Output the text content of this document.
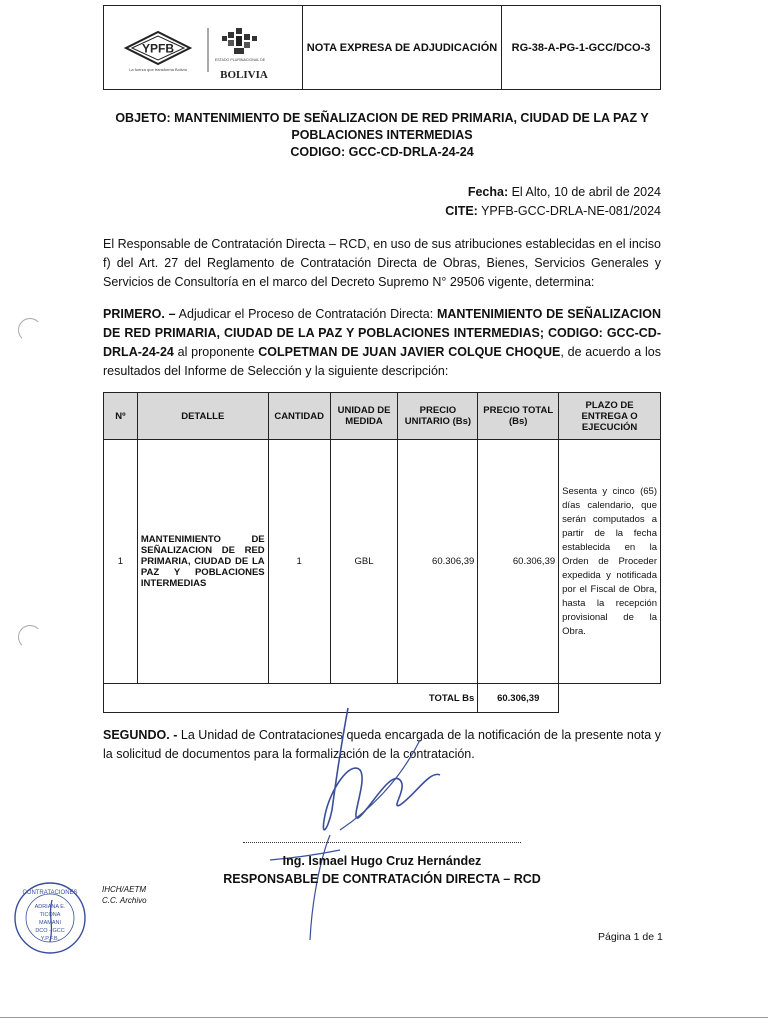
YPFB
La fuerza que transforma Bolivia
ESTADO PLURINACIONAL DE
BOLIVIA
NOTA EXPRESA DE ADJUDICACIÓN	RG-38-A-PG-1-GCC/DCO-3
OBJETO: MANTENIMIENTO DE SEÑALIZACION DE RED PRIMARIA, CIUDAD DE LA PAZ Y
POBLACIONES INTERMEDIAS
CODIGO: GCC-CD-DRLA-24-24
Fecha: El Alto, 10 de abril de 2024
CITE: YPFB-GCC-DRLA-NE-081/2024
El Responsable de Contratación Directa – RCD, en uso de sus atribuciones establecidas en el inciso f) del Art. 27 del Reglamento de Contratación Directa de Obras, Bienes, Servicios Generales y Servicios de Consultoría en el marco del Decreto Supremo N° 29506 vigente, determina:
PRIMERO. – Adjudicar el Proceso de Contratación Directa: MANTENIMIENTO DE SEÑALIZACION DE RED PRIMARIA, CIUDAD DE LA PAZ Y POBLACIONES INTERMEDIAS; CODIGO: GCC-CD-DRLA-24-24 al proponente COLPETMAN DE JUAN JAVIER COLQUE CHOQUE, de acuerdo a los resultados del Informe de Selección y la siguiente descripción:
Nº	DETALLE	CANTIDAD	UNIDAD DE MEDIDA	PRECIO UNITARIO (Bs)	PRECIO TOTAL (Bs)	PLAZO DE ENTREGA O EJECUCIÓN
1	MANTENIMIENTO DE SEÑALIZACION DE RED PRIMARIA, CIUDAD DE LA PAZ Y POBLACIONES INTERMEDIAS	1	GBL	60.306,39	60.306,39	Sesenta y cinco (65) días calendario, que serán computados a partir de la fecha establecida en la Orden de Proceder expedida y notificada por el Fiscal de Obra, hasta la recepción provisional de la Obra.
TOTAL Bs					60.306,39	
SEGUNDO. - La Unidad de Contrataciones queda encargada de la notificación de la presente nota y la solicitud de documentos para la formalización de la contratación.
Ing. Ismael Hugo Cruz Hernández
RESPONSABLE DE CONTRATACIÓN DIRECTA – RCD
IHCH/AETM
C.C. Archivo
CONTRATACIONES
ADRIANA E.
TICONA
MAMANI
DCO - GCC
Y.P.F.B.	Página 1 de 1
